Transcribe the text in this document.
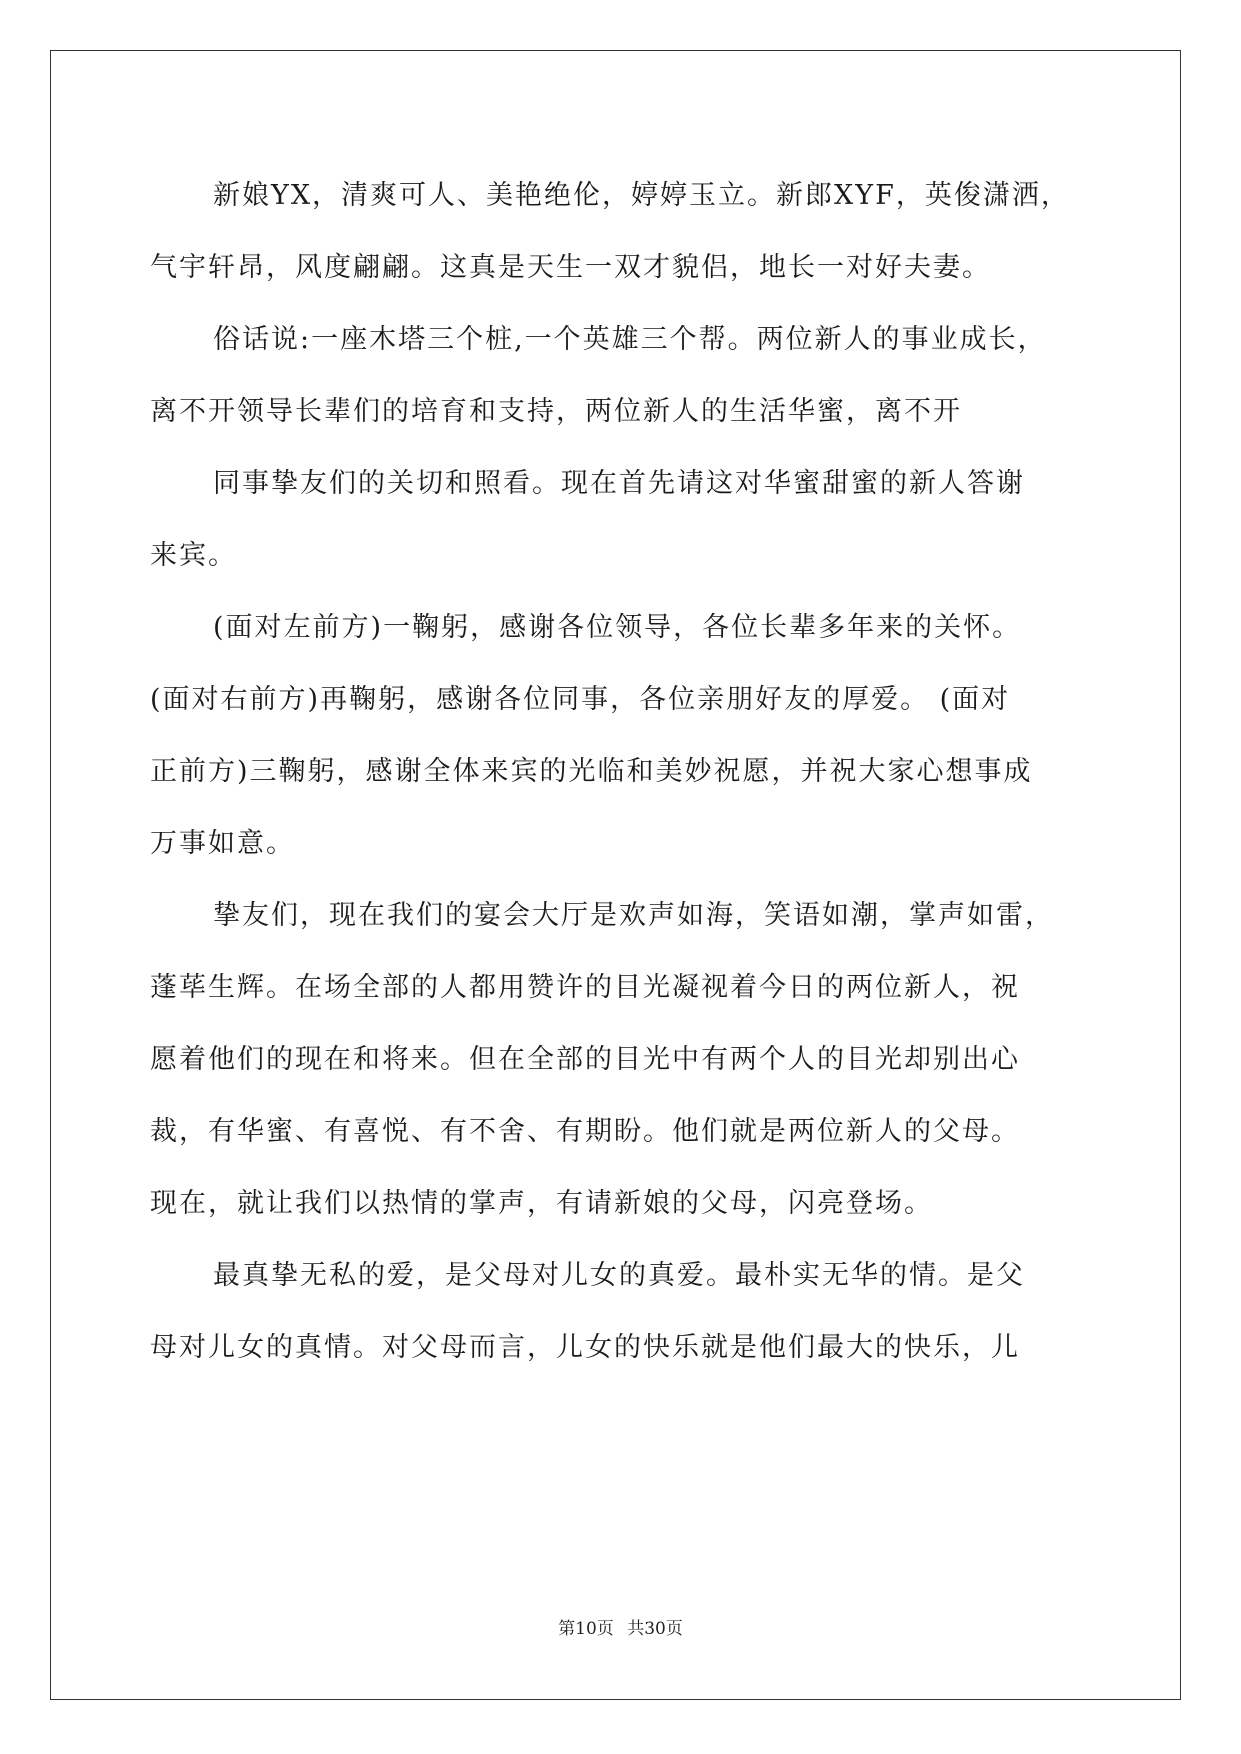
新娘YX，清爽可人、美艳绝伦，婷婷玉立。新郎XYF，英俊潇洒，
气宇轩昂，风度翩翩。这真是天生一双才貌侣，地长一对好夫妻。
俗话说:一座木塔三个桩,一个英雄三个帮。两位新人的事业成长，
离不开领导长辈们的培育和支持，两位新人的生活华蜜，离不开
同事挚友们的关切和照看。现在首先请这对华蜜甜蜜的新人答谢
来宾。
(面对左前方)一鞠躬，感谢各位领导，各位长辈多年来的关怀。
(面对右前方)再鞠躬，感谢各位同事，各位亲朋好友的厚爱。 (面对
正前方)三鞠躬，感谢全体来宾的光临和美妙祝愿，并祝大家心想事成
万事如意。
挚友们，现在我们的宴会大厅是欢声如海，笑语如潮，掌声如雷，
蓬荜生辉。在场全部的人都用赞许的目光凝视着今日的两位新人，祝
愿着他们的现在和将来。但在全部的目光中有两个人的目光却别出心
裁，有华蜜、有喜悦、有不舍、有期盼。他们就是两位新人的父母。
现在，就让我们以热情的掌声，有请新娘的父母，闪亮登场。
最真挚无私的爱，是父母对儿女的真爱。最朴实无华的情。是父
母对儿女的真情。对父母而言，儿女的快乐就是他们最大的快乐，儿
第10页 共30页
